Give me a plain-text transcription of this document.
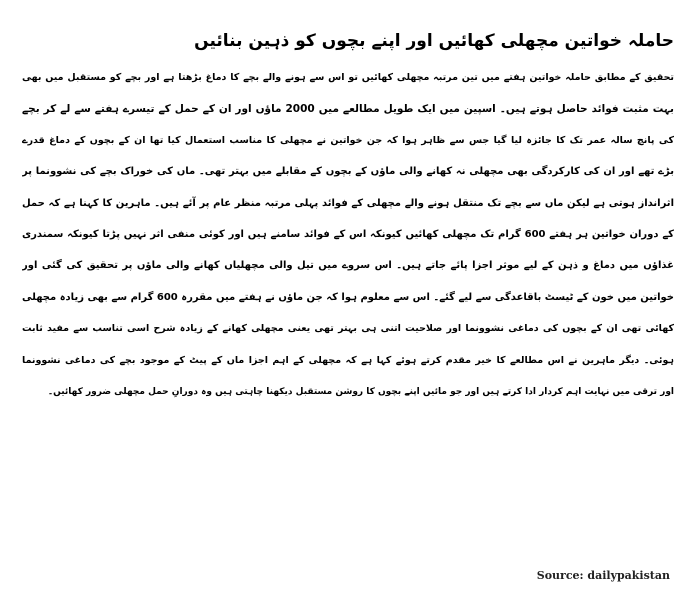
حاملہ خواتین مچھلی کھائیں اور اپنے بچوں کو ذہین بنائیں
تحقیق کے مطابق حاملہ خواتین ہفتے میں تین مرتبہ مچھلی کھائیں تو اس سے ہونے والے بچے کا دماغ بڑھتا ہے اور بچے کو مستقبل میں بھی
بہت مثبت فوائد حاصل ہوتے ہیں۔ اسپین میں ایک طویل مطالعے میں 2000 ماؤں اور ان کے حمل کے تیسرے ہفتے سے لے کر بچے
کی پانچ سالہ عمر تک کا جائزہ لیا گیا جس سے ظاہر ہوا کہ جن خواتین نے مچھلی کا مناسب استعمال کیا تھا ان کے بچوں کے دماغ قدرے
بڑے تھے اور ان کی کارکردگی بھی مچھلی نہ کھانے والی ماؤں کے بچوں کے مقابلے میں بہتر تھی۔ ماں کی خوراک بچے کی نشوونما پر
اثرانداز ہوتی ہے لیکن ماں سے بچے تک منتقل ہونے والے مچھلی کے فوائد پہلی مرتبہ منظر عام پر آئے ہیں۔ ماہرین کا کہنا ہے کہ حمل
کے دوران خواتین ہر ہفتے 600 گرام تک مچھلی کھائیں کیونکہ اس کے فوائد سامنے ہیں اور کوئی منفی اثر نہیں پڑتا کیونکہ سمندری
غذاؤں میں دماغ و ذہن کے لیے موثر اجزا پائے جاتے ہیں۔ اس سروے میں تیل والی مچھلیاں کھانے والی ماؤں پر تحقیق کی گئی اور
خواتین میں خون کے ٹیسٹ باقاعدگی سے لیے گئے۔ اس سے معلوم ہوا کہ جن ماؤں نے ہفتے میں مقررہ 600 گرام سے بھی زیادہ مچھلی
کھائی تھی ان کے بچوں کی دماغی نشوونما اور صلاحیت اتنی ہی بہتر تھی یعنی مچھلی کھانے کے زیادہ شرح اسی تناسب سے مفید ثابت
ہوئی۔ دیگر ماہرین نے اس مطالعے کا خیر مقدم کرتے ہوئے کہا ہے کہ مچھلی کے اہم اجزا ماں کے پیٹ کے موجود بچے کی دماغی نشوونما
اور ترقی میں نہایت اہم کردار ادا کرتے ہیں اور جو مائیں اپنے بچوں کا روشن مستقبل دیکھنا چاہتی ہیں وہ دورانِ حمل مچھلی ضرور کھائیں۔
Source: dailypakistan
